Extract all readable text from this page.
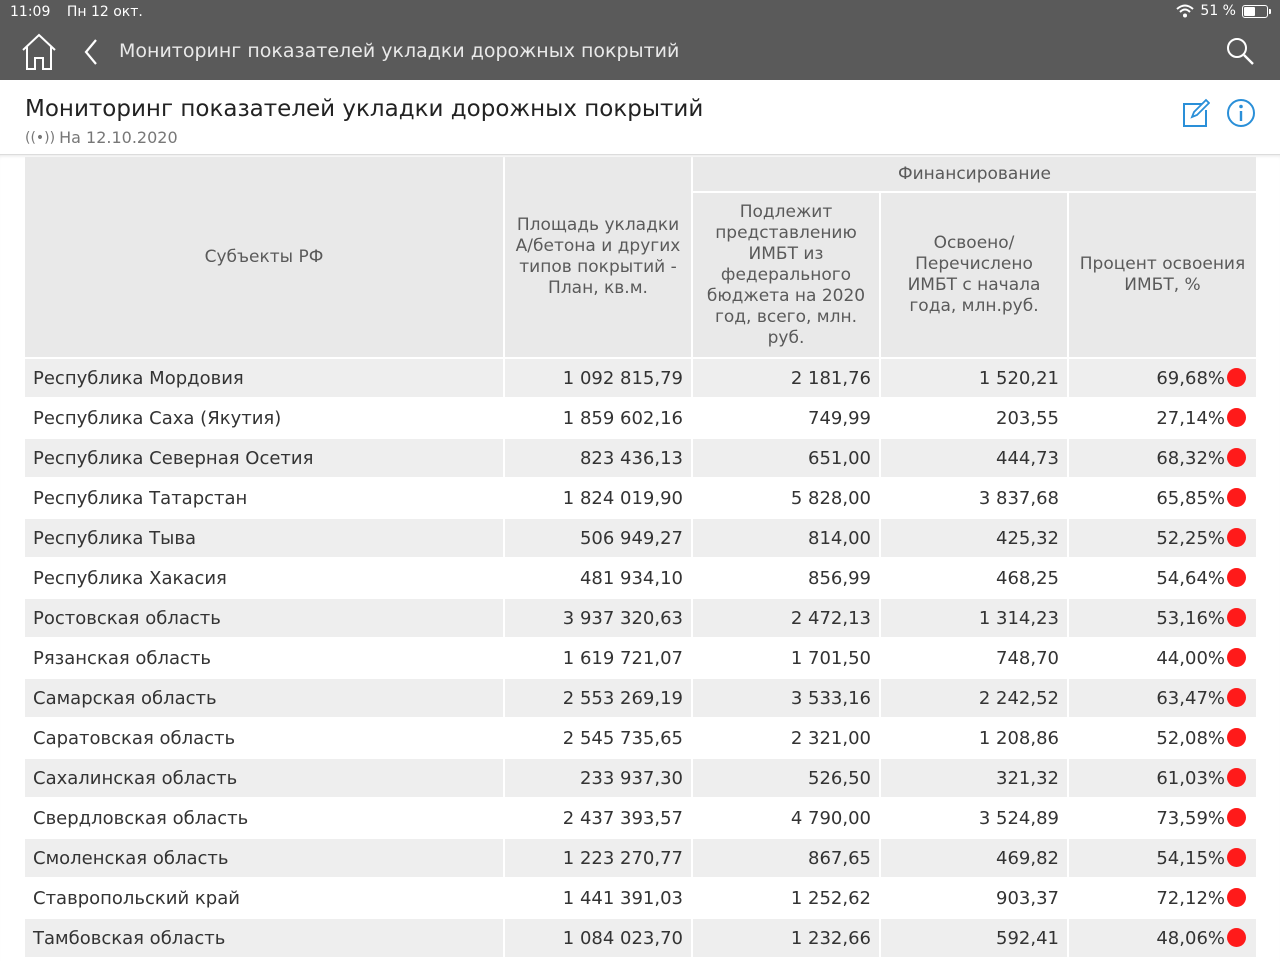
11:09 Пн 12 окт.	51 %
Мониторинг показателей укладки дорожных покрытий
Мониторинг показателей укладки дорожных покрытий
((•)) На 12.10.2020
Субъекты РФ	Площадь укладки А/бетона и других типов покрытий - План, кв.м.	Финансирование		
		Подлежит представлению ИМБТ из федерального бюджета на 2020 год, всего, млн. руб.	Освоено/ Перечислено ИМБТ с начала года, млн.руб.	Процент освоения ИМБТ, %
Республика Мордовия	1 092 815,79	2 181,76	1 520,21	69,68%
Республика Саха (Якутия)	1 859 602,16	749,99	203,55	27,14%
Республика Северная Осетия	823 436,13	651,00	444,73	68,32%
Республика Татарстан	1 824 019,90	5 828,00	3 837,68	65,85%
Республика Тыва	506 949,27	814,00	425,32	52,25%
Республика Хакасия	481 934,10	856,99	468,25	54,64%
Ростовская область	3 937 320,63	2 472,13	1 314,23	53,16%
Рязанская область	1 619 721,07	1 701,50	748,70	44,00%
Самарская область	2 553 269,19	3 533,16	2 242,52	63,47%
Саратовская область	2 545 735,65	2 321,00	1 208,86	52,08%
Сахалинская область	233 937,30	526,50	321,32	61,03%
Свердловская область	2 437 393,57	4 790,00	3 524,89	73,59%
Смоленская область	1 223 270,77	867,65	469,82	54,15%
Ставропольский край	1 441 391,03	1 252,62	903,37	72,12%
Тамбовская область	1 084 023,70	1 232,66	592,41	48,06%
